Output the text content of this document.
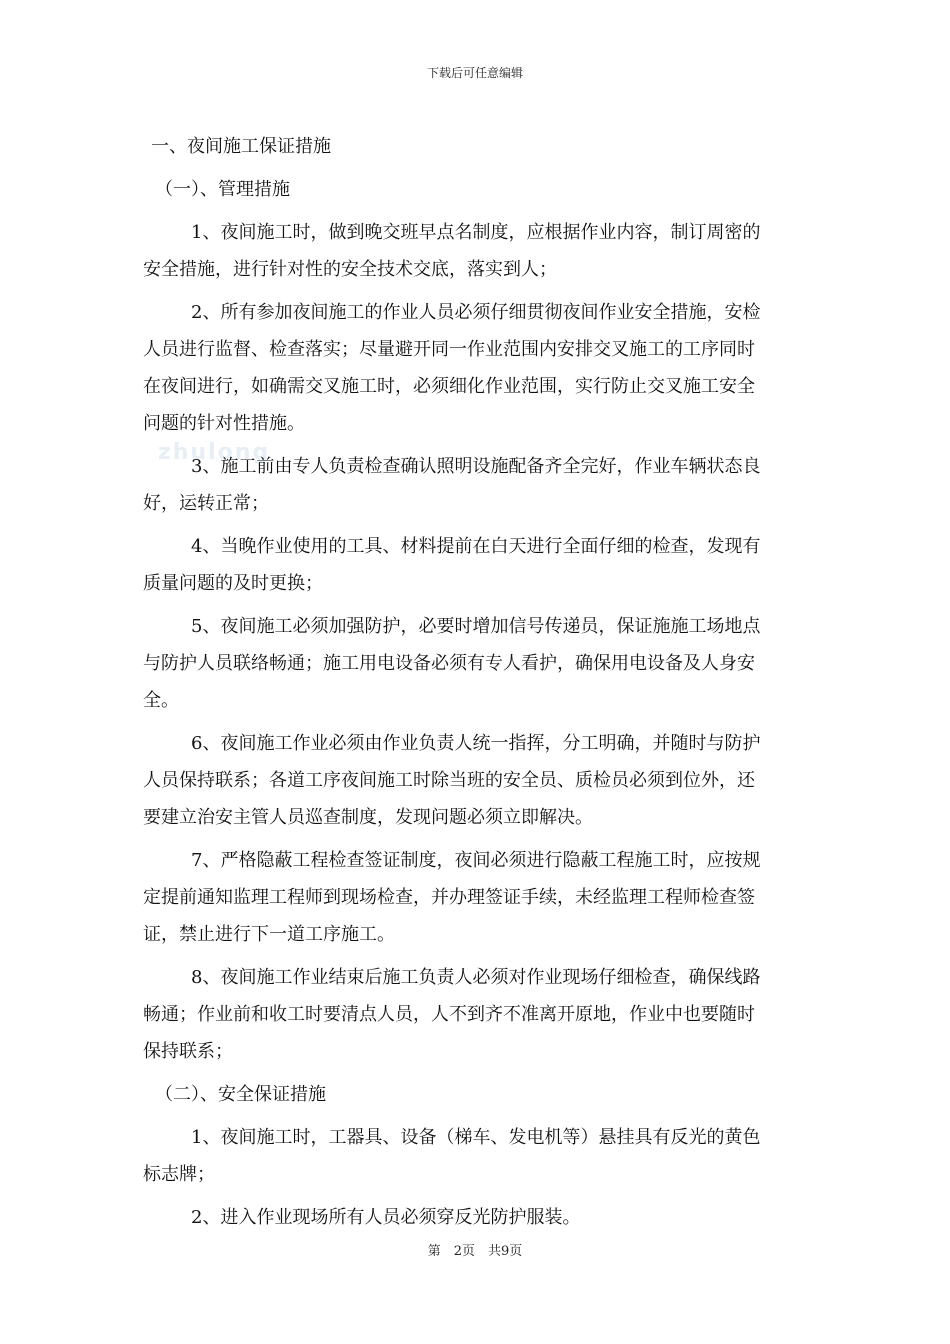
下载后可任意编辑
zhulong
一、夜间施工保证措施
（一）、管理措施
1、夜间施工时，做到晚交班早点名制度，应根据作业内容，制订周密的
安全措施，进行针对性的安全技术交底，落实到人；
2、所有参加夜间施工的作业人员必须仔细贯彻夜间作业安全措施，安检
人员进行监督、检查落实；尽量避开同一作业范围内安排交叉施工的工序同时
在夜间进行，如确需交叉施工时，必须细化作业范围，实行防止交叉施工安全
问题的针对性措施。
3、施工前由专人负责检查确认照明设施配备齐全完好，作业车辆状态良
好，运转正常；
4、当晚作业使用的工具、材料提前在白天进行全面仔细的检查，发现有
质量问题的及时更换；
5、夜间施工必须加强防护，必要时增加信号传递员，保证施施工场地点
与防护人员联络畅通；施工用电设备必须有专人看护，确保用电设备及人身安
全。
6、夜间施工作业必须由作业负责人统一指挥，分工明确，并随时与防护
人员保持联系；各道工序夜间施工时除当班的安全员、质检员必须到位外，还
要建立治安主管人员巡查制度，发现问题必须立即解决。
7、严格隐蔽工程检查签证制度，夜间必须进行隐蔽工程施工时，应按规
定提前通知监理工程师到现场检查，并办理签证手续，未经监理工程师检查签
证，禁止进行下一道工序施工。
8、夜间施工作业结束后施工负责人必须对作业现场仔细检查，确保线路
畅通；作业前和收工时要清点人员，人不到齐不准离开原地，作业中也要随时
保持联系；
（二）、安全保证措施
1、夜间施工时，工器具、设备（梯车、发电机等）悬挂具有反光的黄色
标志牌；
2、进入作业现场所有人员必须穿反光防护服装。
第　2页　共9页
